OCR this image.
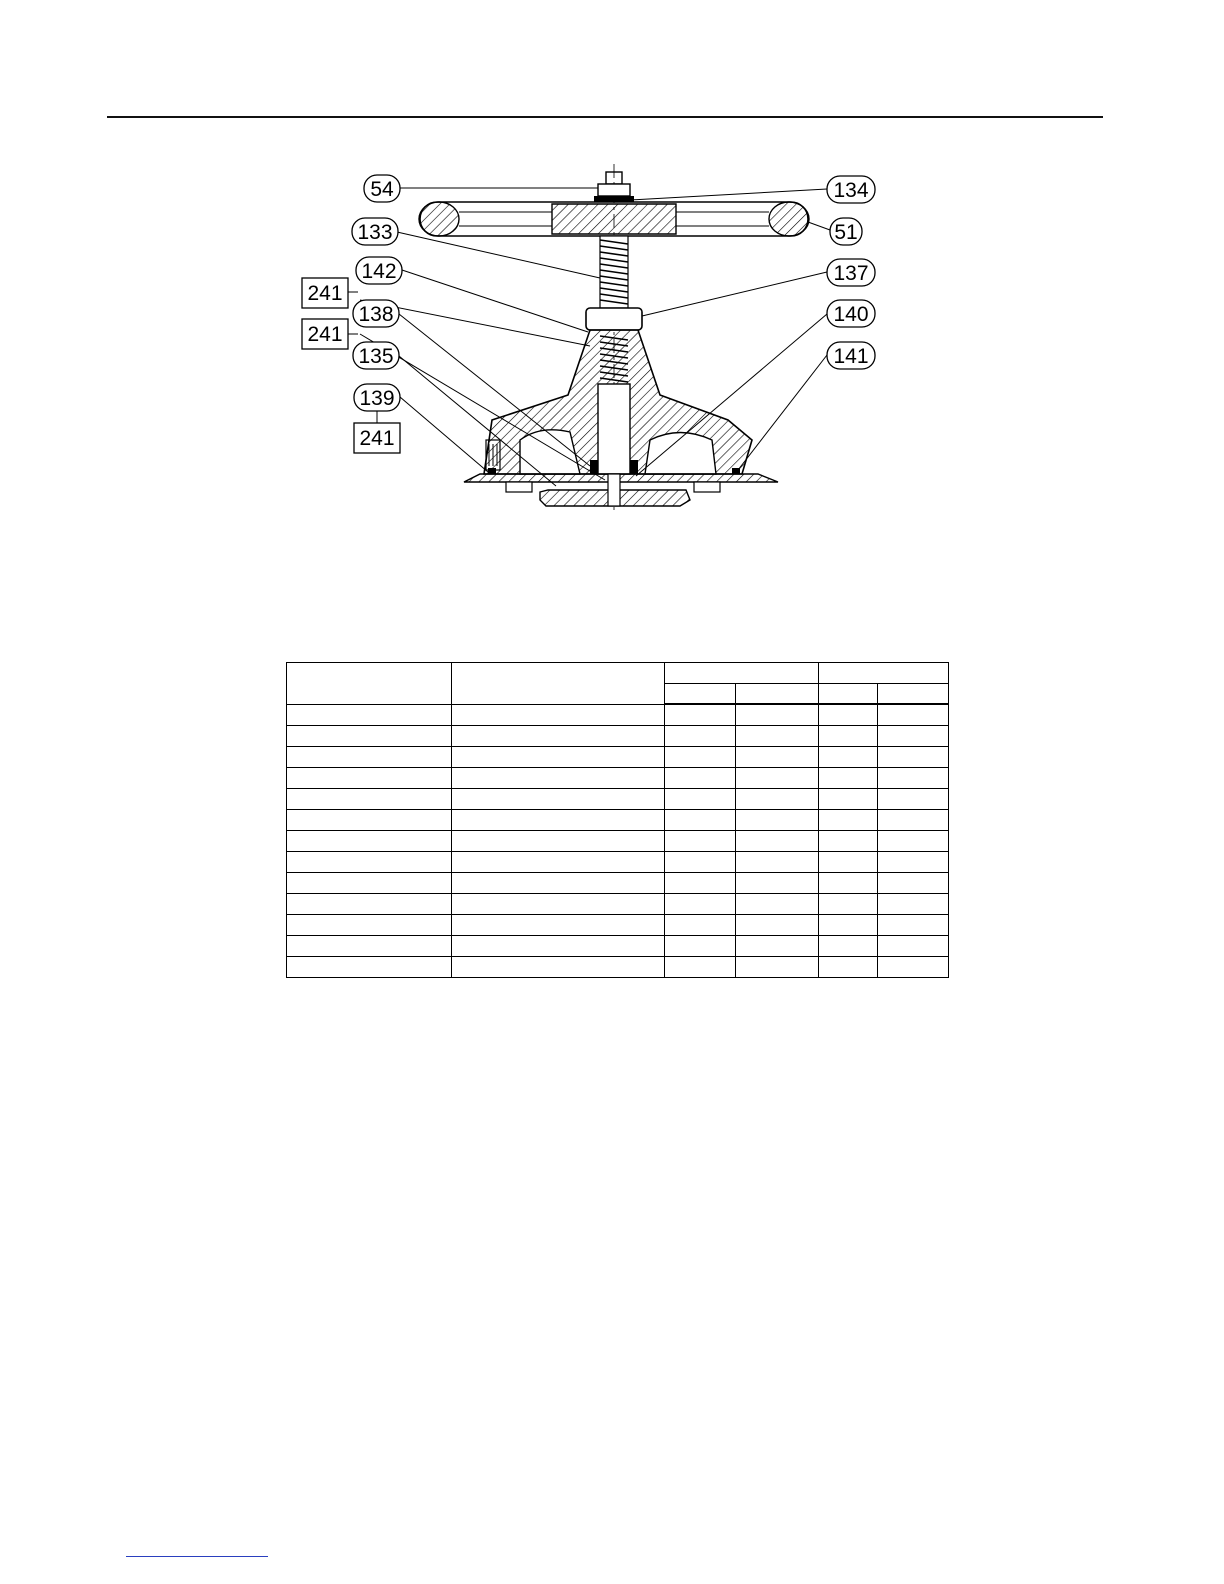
54
133
142
138
135
139
134
51
137
140
141
241
241
241
